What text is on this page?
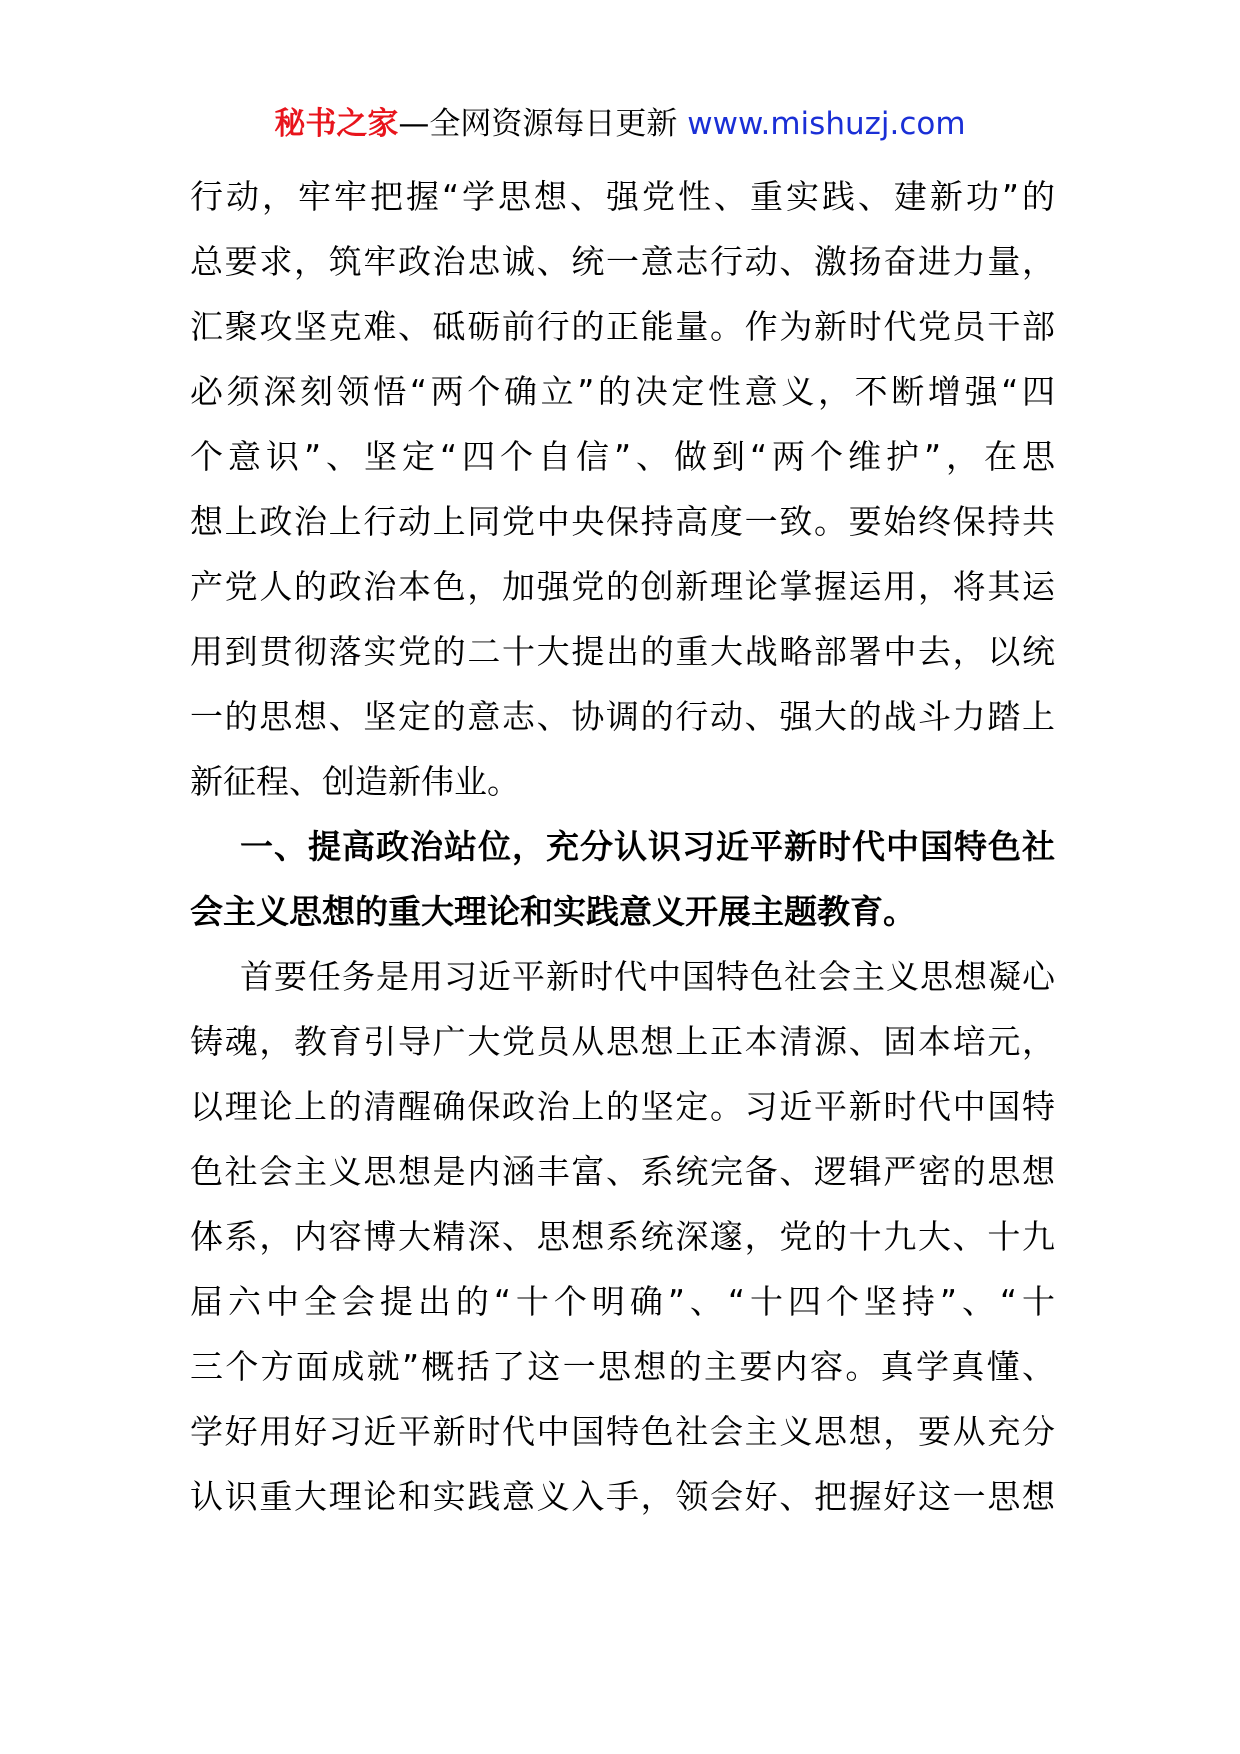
秘书之家—全网资源每日更新 www.mishuzj.com
行动，牢牢把握“学思想、强党性、重实践、建新功”的
总要求，筑牢政治忠诚、统一意志行动、激扬奋进力量，
汇聚攻坚克难、砥砺前行的正能量。作为新时代党员干部
必须深刻领悟“两个确立”的决定性意义，不断增强“四
个意识”、坚定“四个自信”、做到“两个维护”，在思
想上政治上行动上同党中央保持高度一致。要始终保持共
产党人的政治本色，加强党的创新理论掌握运用，将其运
用到贯彻落实党的二十大提出的重大战略部署中去，以统
一的思想、坚定的意志、协调的行动、强大的战斗力踏上
新征程、创造新伟业。
一、提高政治站位，充分认识习近平新时代中国特色社
会主义思想的重大理论和实践意义开展主题教育。
首要任务是用习近平新时代中国特色社会主义思想凝心
铸魂，教育引导广大党员从思想上正本清源、固本培元，
以理论上的清醒确保政治上的坚定。习近平新时代中国特
色社会主义思想是内涵丰富、系统完备、逻辑严密的思想
体系，内容博大精深、思想系统深邃，党的十九大、十九
届六中全会提出的“十个明确”、“十四个坚持”、“十
三个方面成就”概括了这一思想的主要内容。真学真懂、
学好用好习近平新时代中国特色社会主义思想，要从充分
认识重大理论和实践意义入手，领会好、把握好这一思想
